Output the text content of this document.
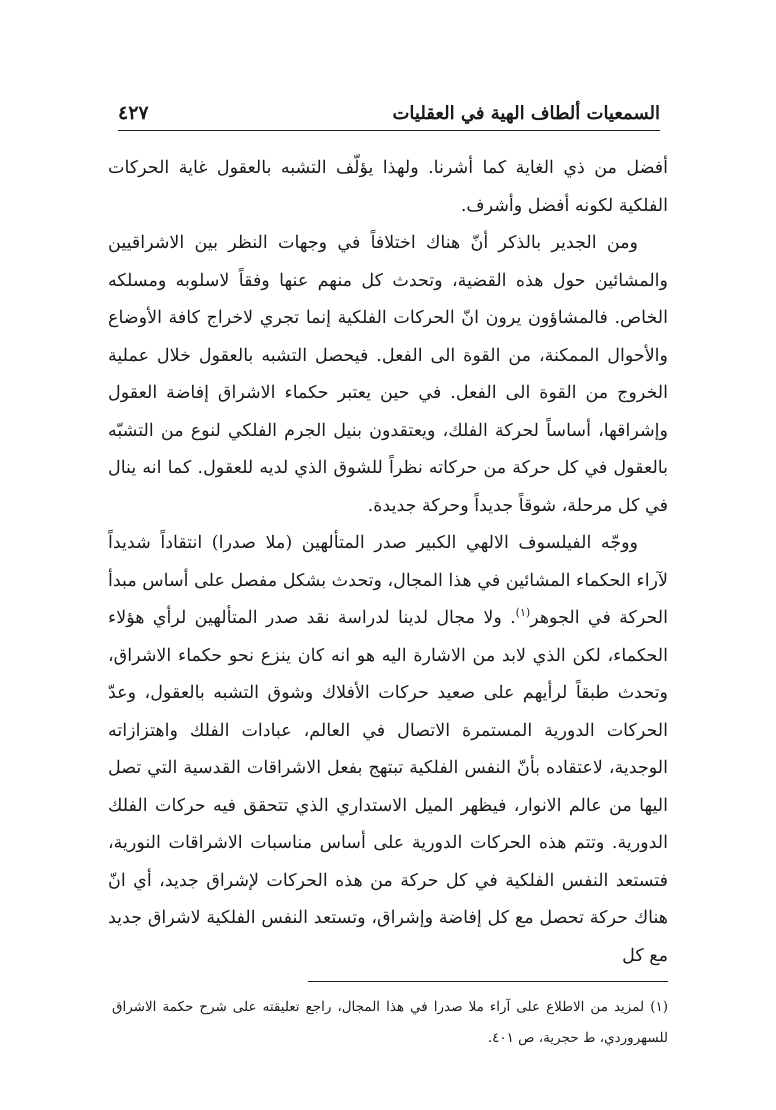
السمعيات ألطاف الهية في العقليات
٤٢٧

أفضل من ذي الغاية كما أشرنا. ولهذا يؤلّف التشبه بالعقول غاية الحركات الفلكية لكونه أفضل وأشرف.

ومن الجدير بالذكر أنّ هناك اختلافاً في وجهات النظر بين الاشراقيين والمشائين حول هذه القضية، وتحدث كل منهم عنها وفقاً لاسلوبه ومسلكه الخاص. فالمشاؤون يرون انّ الحركات الفلكية إنما تجري لاخراج كافة الأوضاع والأحوال الممكنة، من القوة الى الفعل. فيحصل التشبه بالعقول خلال عملية الخروج من القوة الى الفعل. في حين يعتبر حكماء الاشراق إفاضة العقول وإشراقها، أساساً لحركة الفلك، ويعتقدون بنيل الجرم الفلكي لنوع من التشبّه بالعقول في كل حركة من حركاته نظراً للشوق الذي لديه للعقول. كما انه ينال في كل مرحلة، شوقاً جديداً وحركة جديدة.

ووجّه الفيلسوف الالهي الكبير صدر المتألهين (ملا صدرا) انتقاداً شديداً لآراء الحكماء المشائين في هذا المجال، وتحدث بشكل مفصل على أساس مبدأ الحركة في الجوهر$^{(١)}$. ولا مجال لدينا لدراسة نقد صدر المتألهين لرأي هؤلاء الحكماء، لكن الذي لابد من الاشارة اليه هو انه كان ينزع نحو حكماء الاشراق، وتحدث طبقاً لرأيهم على صعيد حركات الأفلاك وشوق التشبه بالعقول، وعدّ الحركات الدورية المستمرة الاتصال في العالم، عبادات الفلك واهتزازاته الوجدية، لاعتقاده بأنّ النفس الفلكية تبتهج بفعل الاشراقات القدسية التي تصل اليها من عالم الانوار، فيظهر الميل الاستداري الذي تتحقق فيه حركات الفلك الدورية. وتتم هذه الحركات الدورية على أساس مناسبات الاشراقات النورية، فتستعد النفس الفلكية في كل حركة من هذه الحركات لإشراق جديد، أي انّ هناك حركة تحصل مع كل إفاضة وإشراق، وتستعد النفس الفلكية لاشراق جديد مع كل

(١) لمزيد من الاطلاع على آراء ملا صدرا في هذا المجال، راجع تعليقته على شرح حكمة الاشراق للسهروردي، ط حجرية، ص ٤٠١.
